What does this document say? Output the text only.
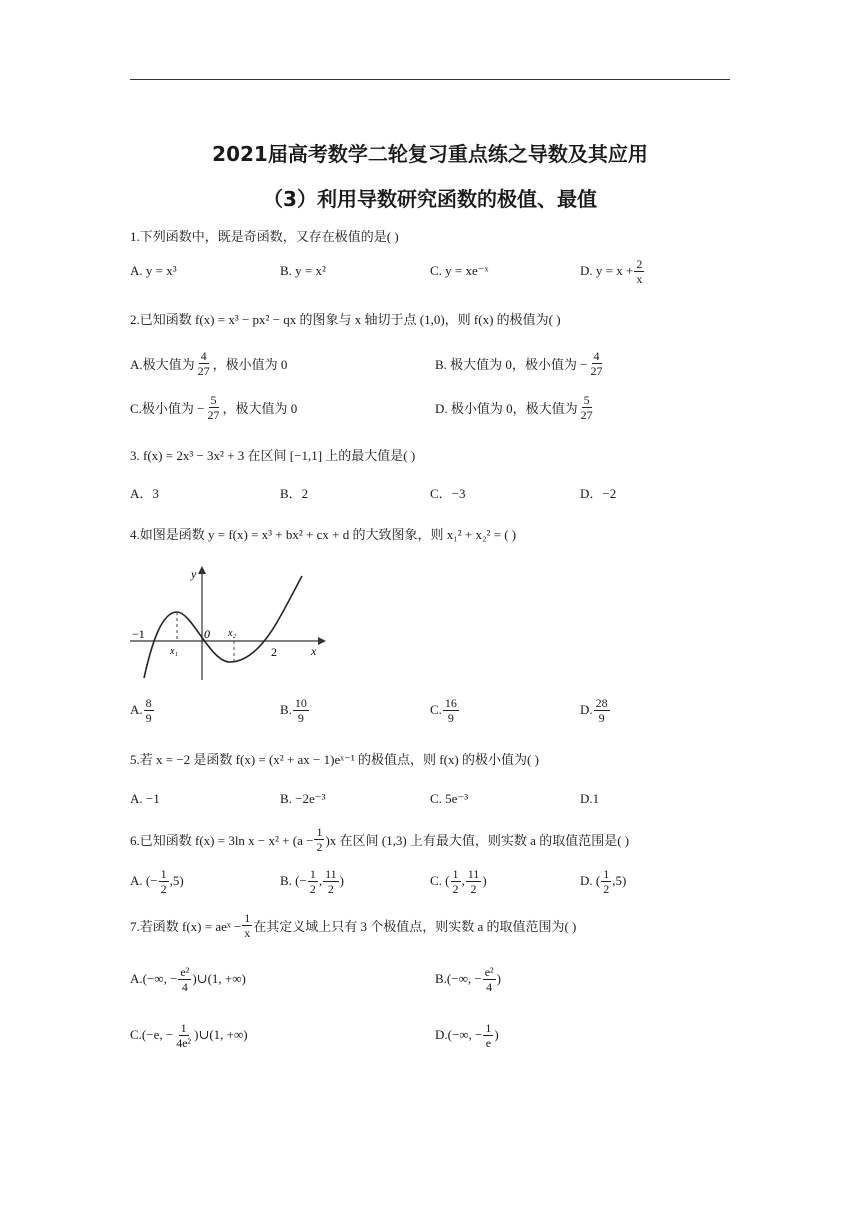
2021届高考数学二轮复习重点练之导数及其应用
（3）利用导数研究函数的极值、最值
1.下列函数中，既是奇函数，又存在极值的是( )
A. y = x³	B. y = x²	C. y = xe⁻ˣ	D. $y = x + \frac{2}{x}$
2.已知函数 f(x) = x³ − px² − qx 的图象与 x 轴切于点 (1,0)，则 f(x) 的极值为( )
A.极大值为 $\frac{4}{27}$ ，极小值为 0	B. 极大值为 0，极小值为 − $\frac{4}{27}$
C.极小值为 − $\frac{5}{27}$ ，极大值为 0	D. 极小值为 0，极大值为 $\frac{5}{27}$
3. f(x) = 2x³ − 3x² + 3 在区间 [−1,1] 上的最大值是( )
A．3	B．2	C．−3	D．−2
4.如图是函数 y = f(x) = x³ + bx² + cx + d 的大致图象，则 x₁² + x₂² = ( )
y
x
0
−1
2
x₁
x₂
A. $\frac{8}{9}$	B. $\frac{10}{9}$	C. $\frac{16}{9}$	D. $\frac{28}{9}$
5.若 x = −2 是函数 f(x) = (x² + ax − 1)eˣ⁻¹ 的极值点，则 f(x) 的极小值为( )
A. −1	B. −2e⁻³	C. 5e⁻³	D.1
6.已知函数 f(x) = 3ln $x - x^2 + (a - \frac{1}{2} )x$ 在区间 (1,3) 上有最大值，则实数 a 的取值范围是( )
A. (− $\frac{1}{2} ,5$)	B. (− $\frac{1}{2}$ , $\frac{11}{2}$ )	C. ( $\frac{1}{2}$ , $\frac{11}{2}$ )	D. ( $\frac{1}{2} ,5$)
7.若函数 f(x) = aeˣ − $\frac{1}{x}$ 在其定义域上只有 3 个极值点，则实数 a 的取值范围为( )
A.(−∞, − $\frac{\text{e²}}{4}$ )∪(1, +∞)	B.(−∞, − $\frac{\text{e²}}{4}$ )
C.(−e, − $\frac{1}{\text{4e²}}$ )∪(1, +∞)	D.(−∞, − $\frac{1}{e}$ )
